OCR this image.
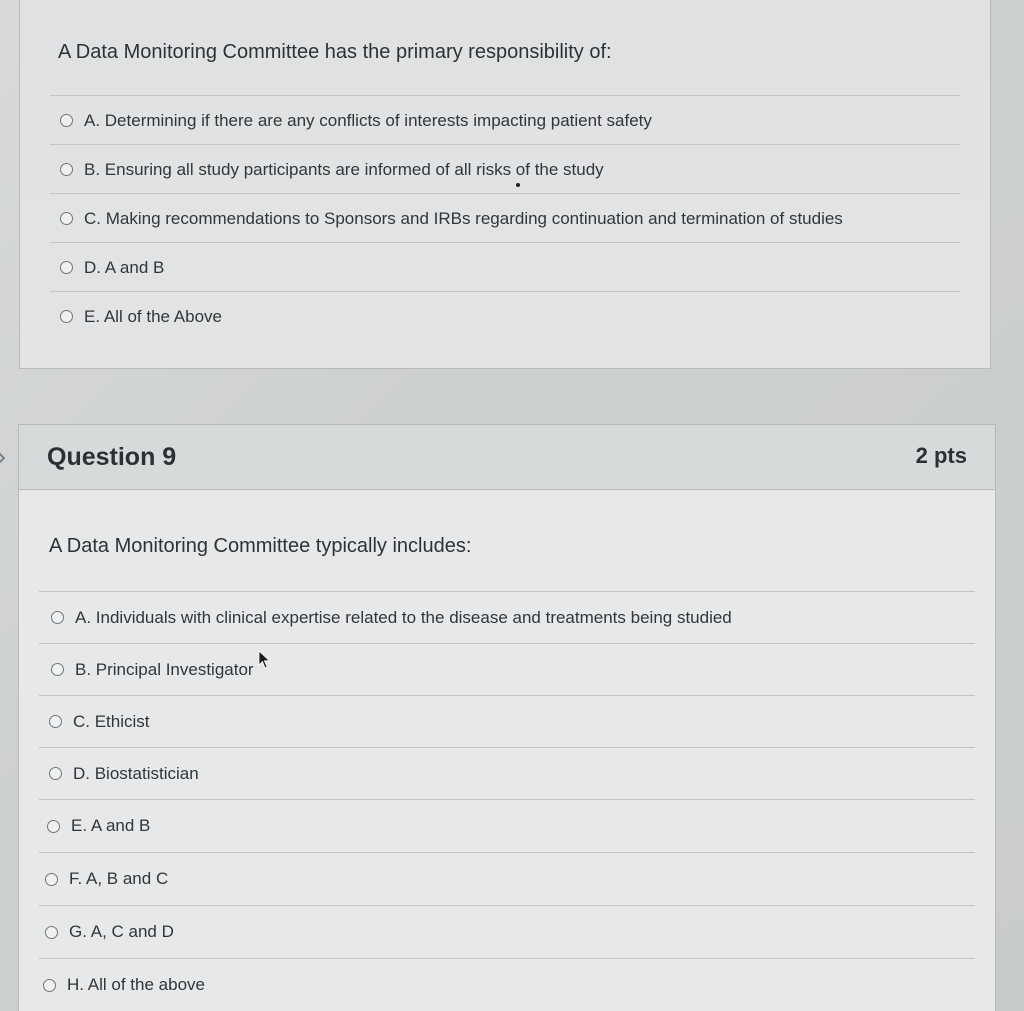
A Data Monitoring Committee has the primary responsibility of:
A. Determining if there are any conflicts of interests impacting patient safety
B. Ensuring all study participants are informed of all risks of the study
C. Making recommendations to Sponsors and IRBs regarding continuation and termination of studies
D. A and B
E. All of the Above
Question 9	2 pts
A Data Monitoring Committee typically includes:
A. Individuals with clinical expertise related to the disease and treatments being studied
B. Principal Investigator
C. Ethicist
D. Biostatistician
E. A and B
F. A, B and C
G. A, C and D
H. All of the above
